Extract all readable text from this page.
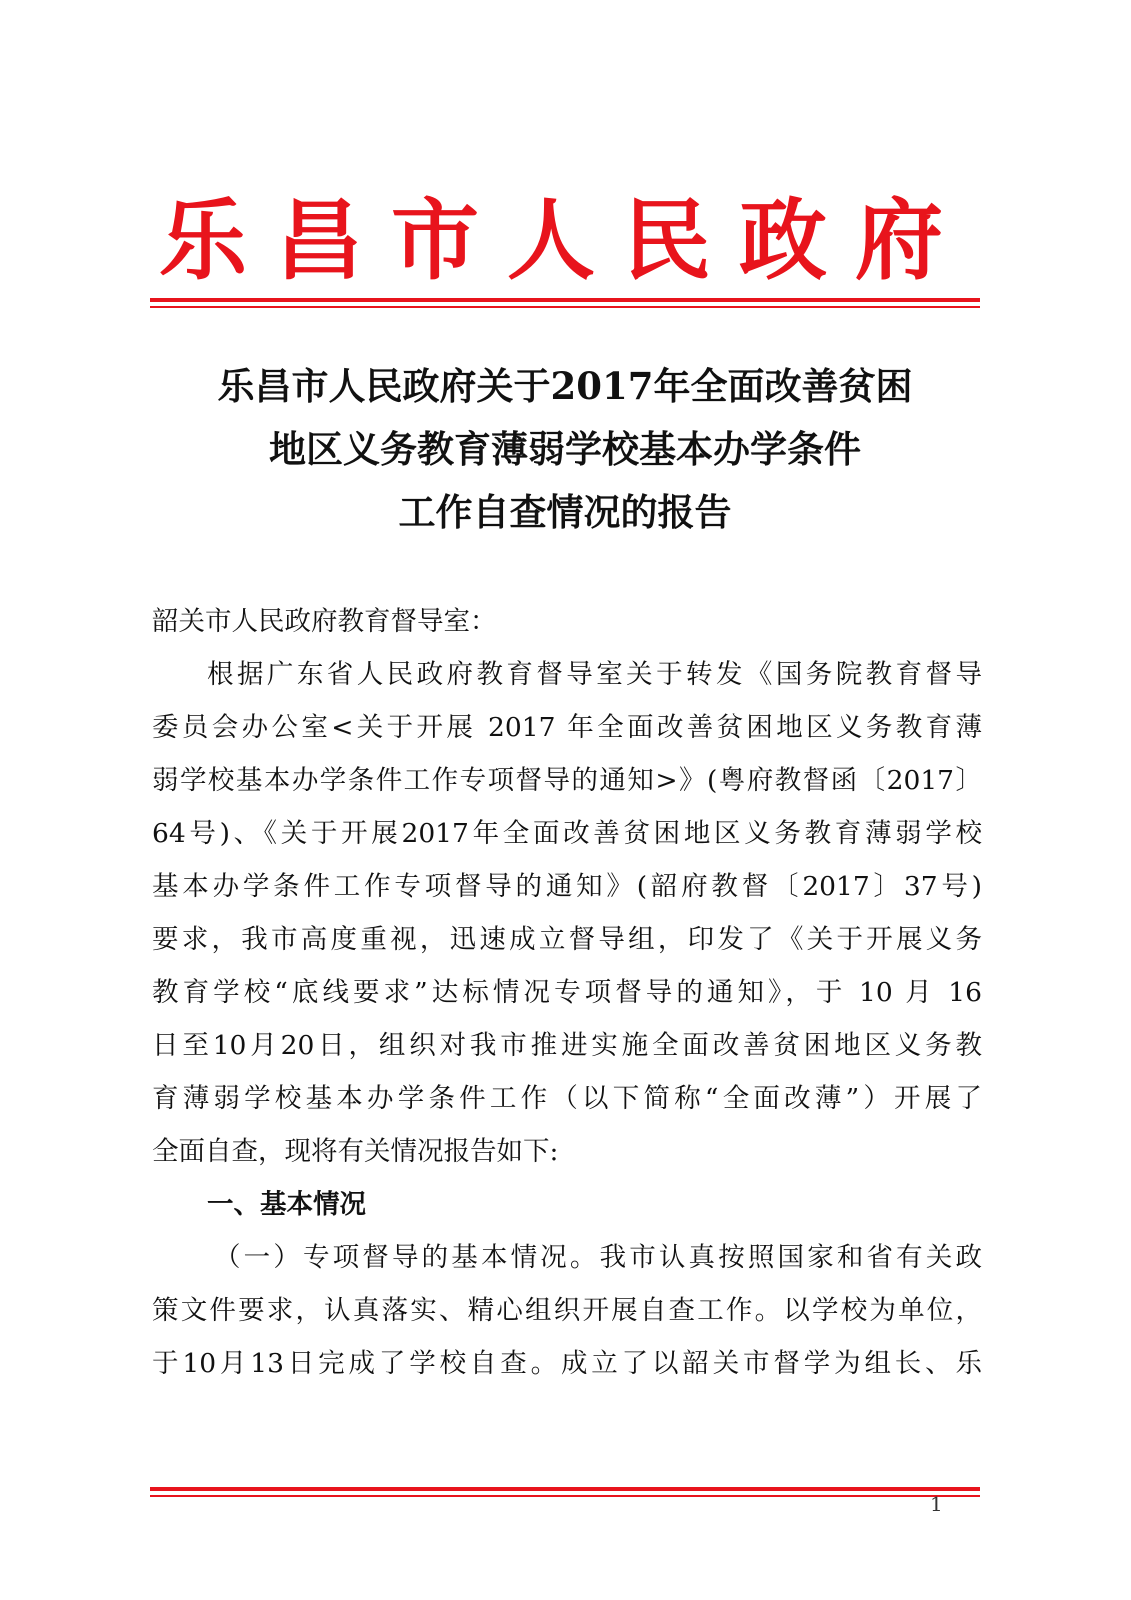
乐昌市人民政府
乐昌市人民政府关于2017年全面改善贫困
地区义务教育薄弱学校基本办学条件
工作自查情况的报告
韶关市人民政府教育督导室：
根据广东省人民政府教育督导室关于转发《国务院教育督导
委员会办公室<关于开展 2017 年全面改善贫困地区义务教育薄
弱学校基本办学条件工作专项督导的通知>》(粤府教督函〔2017〕
64号)、《关于开展2017年全面改善贫困地区义务教育薄弱学校
基本办学条件工作专项督导的通知》(韶府教督〔2017〕37号)
要求，我市高度重视，迅速成立督导组，印发了《关于开展义务
教育学校“底线要求”达标情况专项督导的通知》，于 10 月 16
日至10月20日，组织对我市推进实施全面改善贫困地区义务教
育薄弱学校基本办学条件工作（以下简称“全面改薄”）开展了
全面自查，现将有关情况报告如下:
一、基本情况
（一）专项督导的基本情况。我市认真按照国家和省有关政
策文件要求，认真落实、精心组织开展自查工作。以学校为单位，
于10月13日完成了学校自查。成立了以韶关市督学为组长、乐
1
